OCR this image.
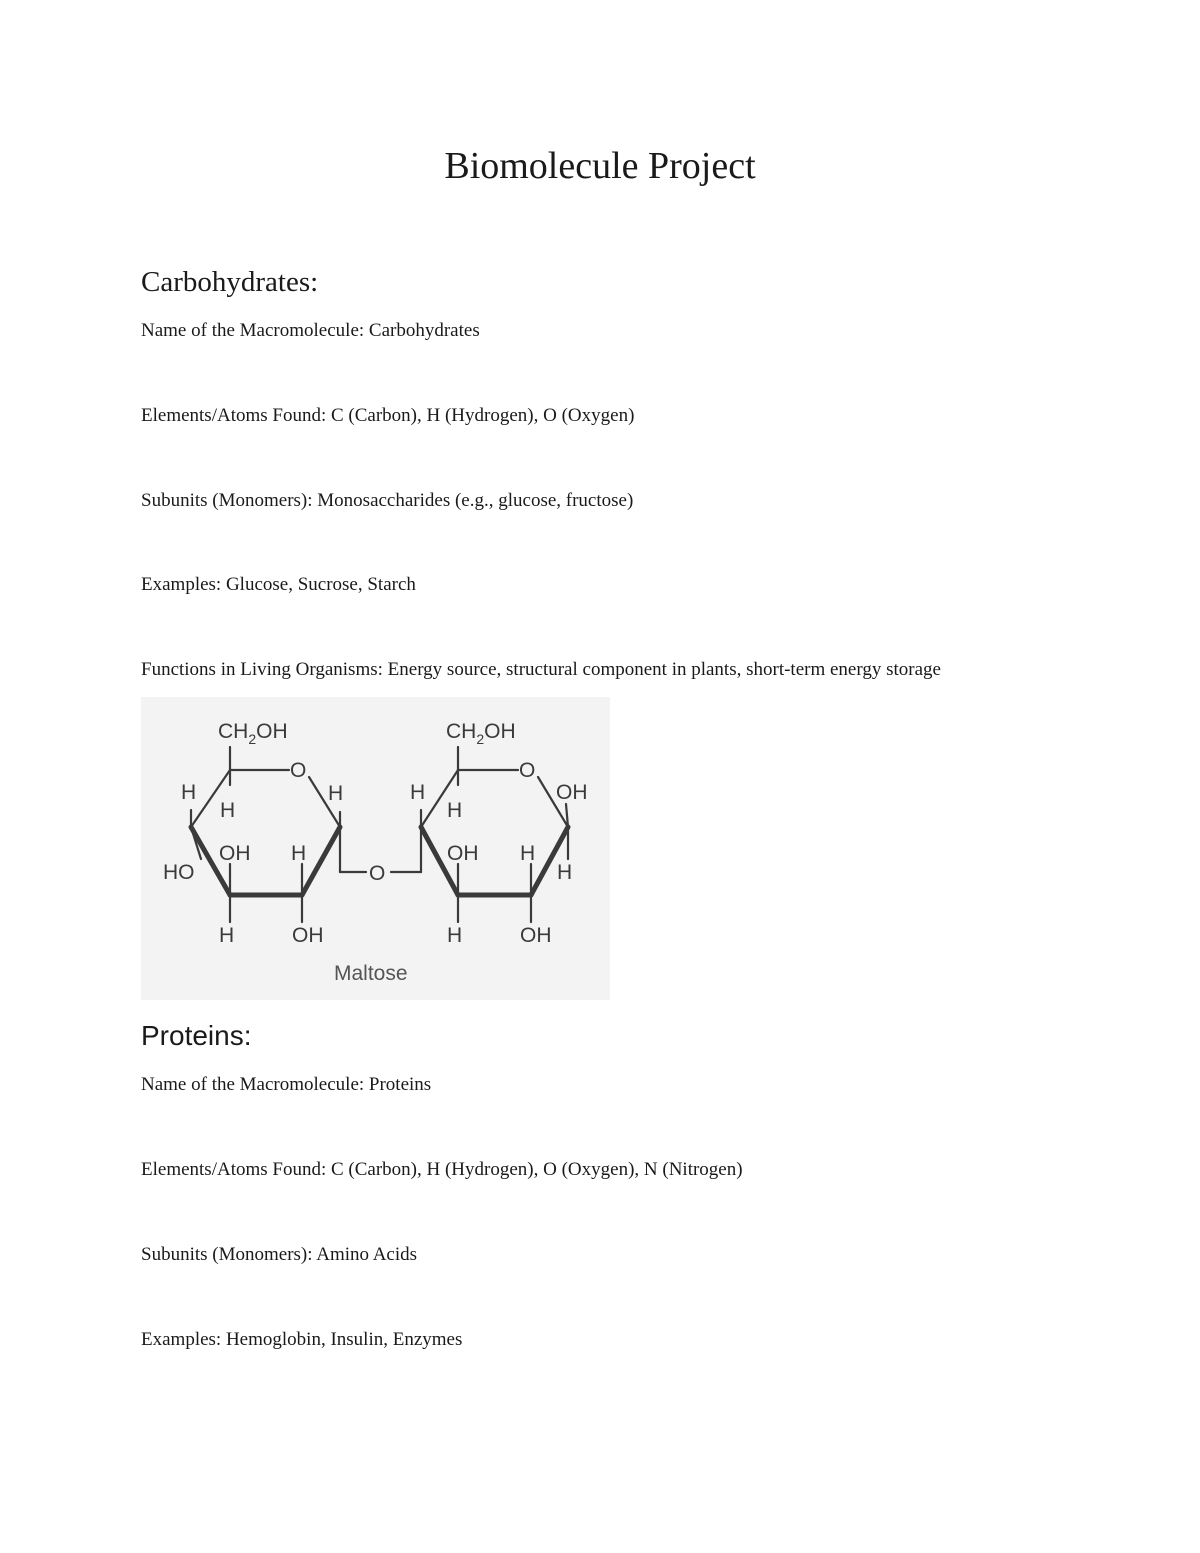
Biomolecule Project
Carbohydrates:

Name of the Macromolecule: Carbohydrates

Elements/Atoms Found: C (Carbon), H (Hydrogen), O (Oxygen)

Subunits (Monomers): Monosaccharides (e.g., glucose, fructose)

Examples: Glucose, Sucrose, Starch

Functions in Living Organisms: Energy source, structural component in plants, short-term energy storage

$CH_2OH$
O
H
H
H
OH H
HO
H	OH
O
$CH_2OH$
O
OH
H
H
OH H
H
H	OH
Maltose
Proteins:

Name of the Macromolecule: Proteins

Elements/Atoms Found: C (Carbon), H (Hydrogen), O (Oxygen), N (Nitrogen)

Subunits (Monomers): Amino Acids

Examples: Hemoglobin, Insulin, Enzymes
